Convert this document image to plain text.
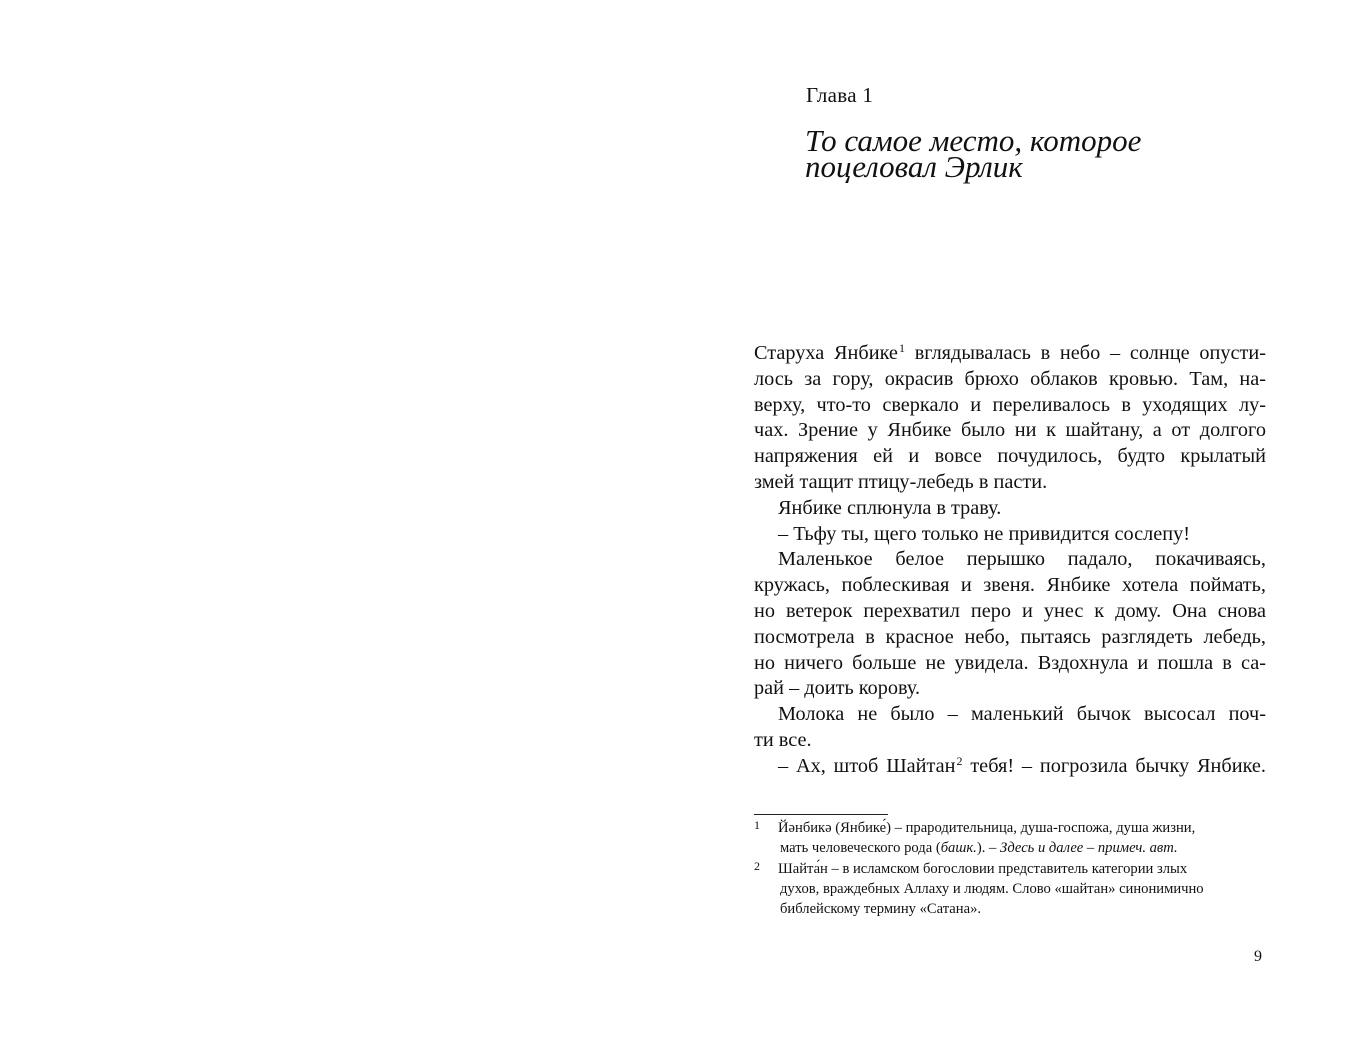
Глава 1
То самое место, которое
поцеловал Эрлик
Старуха Янбике$^1$ вглядывалась в небо – солнце опусти-
лось за гору, окрасив брюхо облаков кровью. Там, на-
верху, что-то сверкало и переливалось в уходящих лу-
чах. Зрение у Янбике было ни к шайтану, а от долгого
напряжения ей и вовсе почудилось, будто крылатый
змей тащит птицу-лебедь в пасти.
Янбике сплюнула в траву.
– Тьфу ты, щего только не привидится сослепу!
Маленькое белое перышко падало, покачиваясь,
кружась, поблескивая и звеня. Янбике хотела поймать,
но ветерок перехватил перо и унес к дому. Она снова
посмотрела в красное небо, пытаясь разглядеть лебедь,
но ничего больше не увидела. Вздохнула и пошла в са-
рай – доить корову.
Молока не было – маленький бычок высосал поч-
ти все.
– Ах, штоб Шайтан$^2$ тебя! – погрозила бычку Янбике.
1 Йәнбикә (Янбике́) – прародительница, душа-госпожа, душа жизни,
мать человеческого рода (башк.). – Здесь и далее – примеч. авт.
2 Шайта́н – в исламском богословии представитель категории злых
духов, враждебных Аллаху и людям. Слово «шайтан» синонимично
библейскому термину «Сатана».
9
